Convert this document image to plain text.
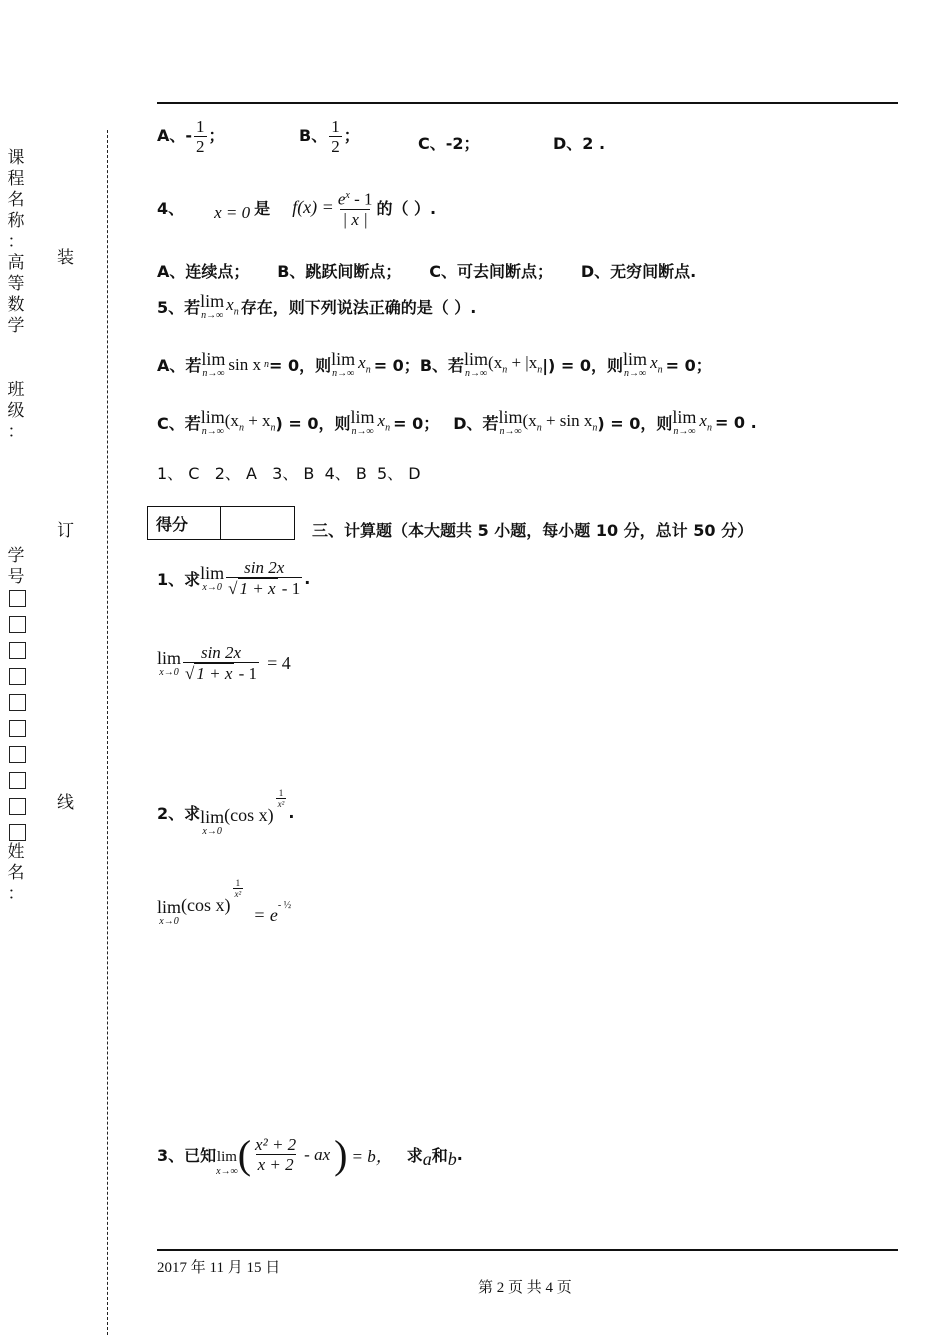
课
程
名
称
：
高
等
数
学
班
级
：
学
号
姓
名
：
装
订
线
A、- $\frac{1}{2}$ ；	B、 $\frac{1}{2}$ ；	C、-2；	D、2 .
4、 x = 0 是 $f(x) = \frac{e^x - 1}{| x |}$ 的（ ）.
A、连续点；     B、跳跃间断点；     C、可去间断点；     D、无穷间断点.
5、若 lim
n→∞
$x_n$ 存在，则下列说法正确的是（ ）.
A、若 lim
n→∞ sin x n = 0，则 lim
n→∞
$x_n = 0$； B、若 lim
n→∞
($x_n + |x_n$ |) = 0，则 lim
n→∞
$x_n = 0$；
C、若 lim
n→∞
($x_n + x_n$ ) = 0，则 lim
n→∞
$x_n = 0$； D、若 lim
n→∞
($x_n + \sin x_n$ ) = 0，则 lim
n→∞
$x_n = 0$ .
1、 C   2、 A   3、 B  4、 B  5、 D
得分	三、计算题（本大题共 5 小题，每小题 10 分，总计 50 分）
1、求 lim
$x\to 0 \frac{\sin 2x}{√ 1 + x - 1}$ .
lim
$x\to 0 \frac{\sin 2x}{√ 1 + x - 1} = 4$
2、求 lim
x→0
(cos x)
$\frac{1}{\text{x²}}$
.
lim
x→0
(cos x)
$\frac{1}{\text{x²}}$
= e - ½
3、已知 lim
x→∞ ( $\frac{\text{x² + 2}}{x + 2}$ - ax ) = b， 求 a 和 b .
2017 年 11 月 15 日
第 2 页 共 4 页
